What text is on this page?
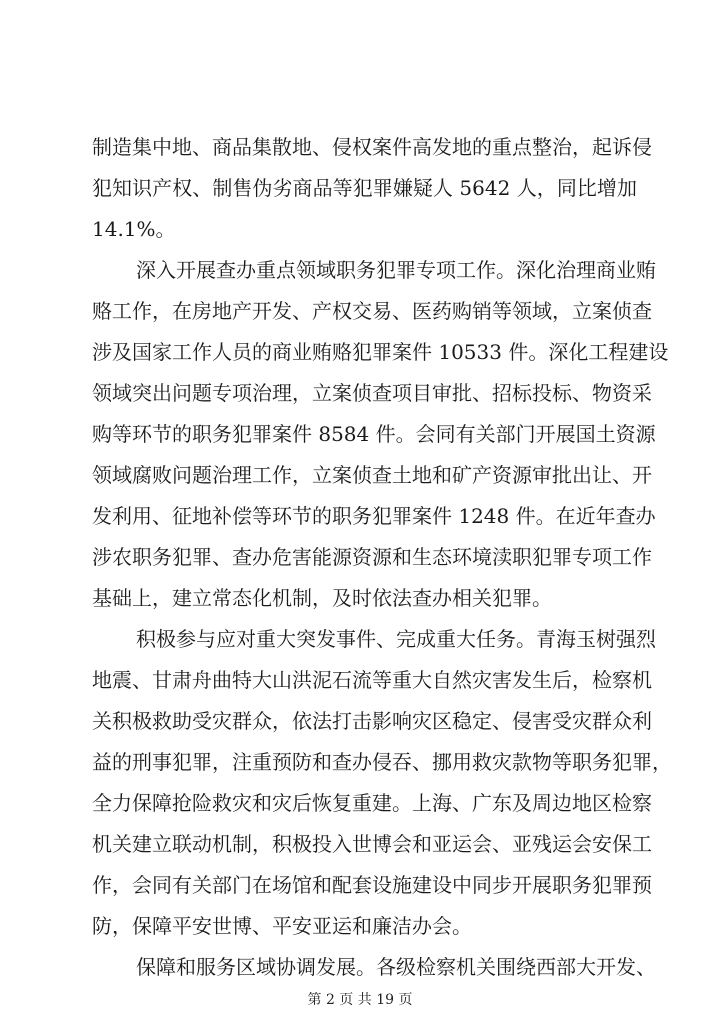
制造集中地、商品集散地、侵权案件高发地的重点整治，起诉侵
犯知识产权、制售伪劣商品等犯罪嫌疑人 5642 人，同比增加
14.1%。
深入开展查办重点领域职务犯罪专项工作。深化治理商业贿
赂工作，在房地产开发、产权交易、医药购销等领域，立案侦查
涉及国家工作人员的商业贿赂犯罪案件 10533 件。深化工程建设
领域突出问题专项治理，立案侦查项目审批、招标投标、物资采
购等环节的职务犯罪案件 8584 件。会同有关部门开展国土资源
领域腐败问题治理工作，立案侦查土地和矿产资源审批出让、开
发利用、征地补偿等环节的职务犯罪案件 1248 件。在近年查办
涉农职务犯罪、查办危害能源资源和生态环境渎职犯罪专项工作
基础上，建立常态化机制，及时依法查办相关犯罪。
积极参与应对重大突发事件、完成重大任务。青海玉树强烈
地震、甘肃舟曲特大山洪泥石流等重大自然灾害发生后，检察机
关积极救助受灾群众，依法打击影响灾区稳定、侵害受灾群众利
益的刑事犯罪，注重预防和查办侵吞、挪用救灾款物等职务犯罪，
全力保障抢险救灾和灾后恢复重建。上海、广东及周边地区检察
机关建立联动机制，积极投入世博会和亚运会、亚残运会安保工
作，会同有关部门在场馆和配套设施建设中同步开展职务犯罪预
防，保障平安世博、平安亚运和廉洁办会。
保障和服务区域协调发展。各级检察机关围绕西部大开发、
第 2 页 共 19 页
